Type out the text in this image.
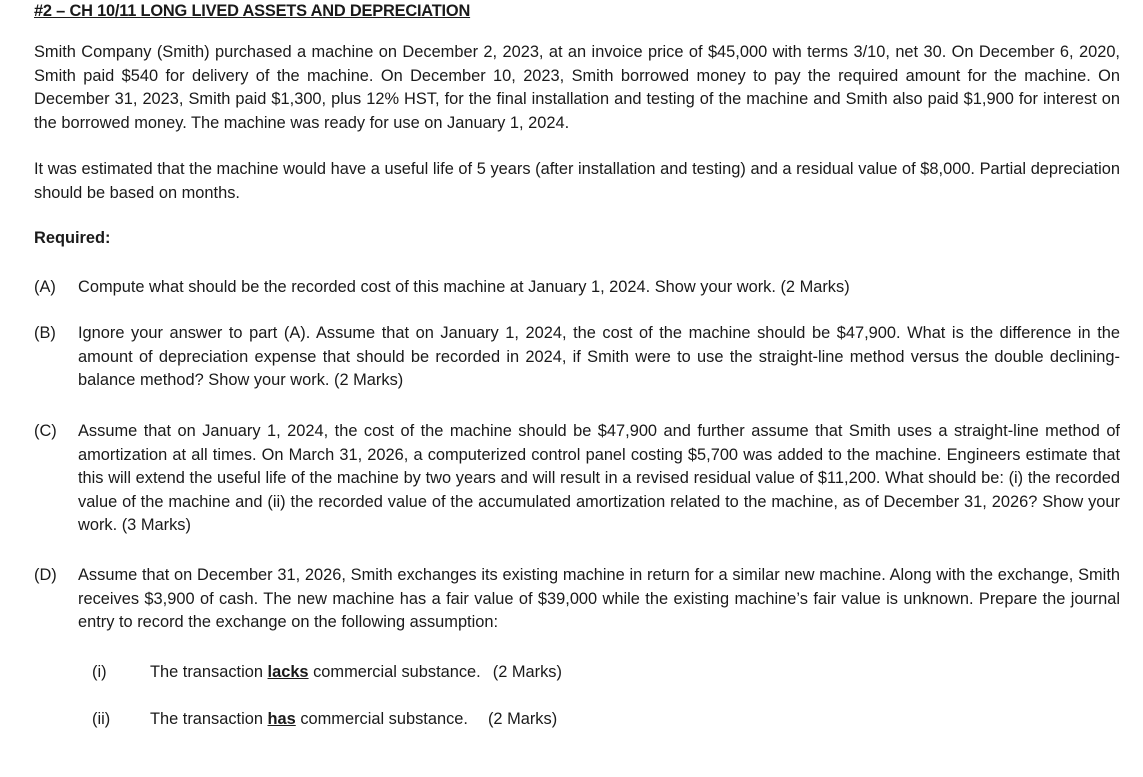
#2 – CH 10/11 LONG LIVED ASSETS AND DEPRECIATION

Smith Company (Smith) purchased a machine on December 2, 2023, at an invoice price of $45,000 with terms 3/10, net 30. On December 6, 2020, Smith paid $540 for delivery of the machine. On December 10, 2023, Smith borrowed money to pay the required amount for the machine. On December 31, 2023, Smith paid $1,300, plus 12% HST, for the final installation and testing of the machine and Smith also paid $1,900 for interest on the borrowed money. The machine was ready for use on January 1, 2024.

It was estimated that the machine would have a useful life of 5 years (after installation and testing) and a residual value of $8,000. Partial depreciation should be based on months.

Required:
(A) Compute what should be the recorded cost of this machine at January 1, 2024. Show your work. (2 Marks)
(B) Ignore your answer to part (A). Assume that on January 1, 2024, the cost of the machine should be $47,900. What is the difference in the amount of depreciation expense that should be recorded in 2024, if Smith were to use the straight-line method versus the double declining-balance method? Show your work. (2 Marks)
(C) Assume that on January 1, 2024, the cost of the machine should be $47,900 and further assume that Smith uses a straight-line method of amortization at all times. On March 31, 2026, a computerized control panel costing $5,700 was added to the machine. Engineers estimate that this will extend the useful life of the machine by two years and will result in a revised residual value of $11,200. What should be: (i) the recorded value of the machine and (ii) the recorded value of the accumulated amortization related to the machine, as of December 31, 2026? Show your work. (3 Marks)
(D) Assume that on December 31, 2026, Smith exchanges its existing machine in return for a similar new machine. Along with the exchange, Smith receives $3,900 of cash. The new machine has a fair value of $39,000 while the existing machine’s fair value is unknown. Prepare the journal entry to record the exchange on the following assumption:
(i)	The transaction lacks commercial substance. (2 Marks)
(ii) The transaction has commercial substance. (2 Marks)
